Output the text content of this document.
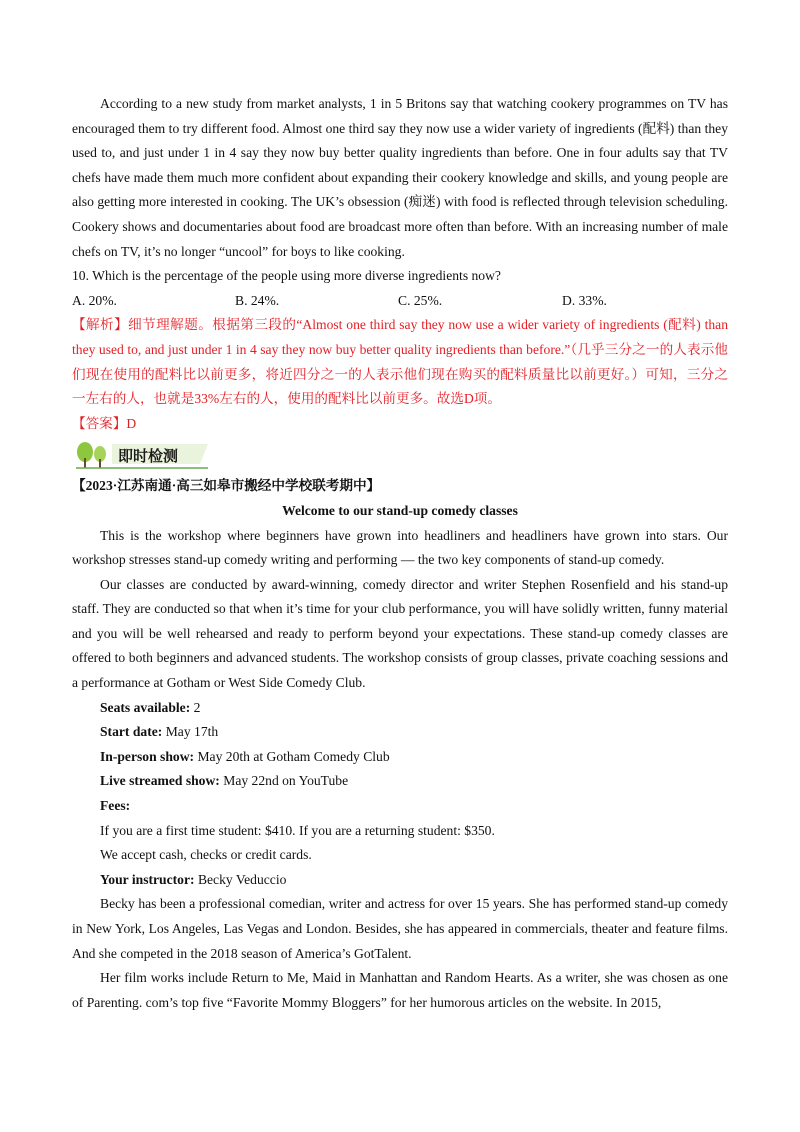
According to a new study from market analysts, 1 in 5 Britons say that watching cookery programmes on TV has encouraged them to try different food. Almost one third say they now use a wider variety of ingredients (配料) than they used to, and just under 1 in 4 say they now buy better quality ingredients than before. One in four adults say that TV chefs have made them much more confident about expanding their cookery knowledge and skills, and young people are also getting more interested in cooking. The UK’s obsession (痴迷) with food is reflected through television scheduling. Cookery shows and documentaries about food are broadcast more often than before. With an increasing number of male chefs on TV, it’s no longer “uncool” for boys to like cooking.

10. Which is the percentage of the people using more diverse ingredients now?
A. 20%.	B. 24%.	C. 25%.	D. 33%.

【解析】细节理解题。根据第三段的“Almost one third say they now use a wider variety of ingredients (配料) than they used to, and just under 1 in 4 say they now buy better quality ingredients than before.”（几乎三分之一的人表示他们现在使用的配料比以前更多，将近四分之一的人表示他们现在购买的配料质量比以前更好。）可知，三分之一左右的人，也就是33%左右的人，使用的配料比以前更多。故选D项。

【答案】D
即时检测
【2023·江苏南通·高三如皋市搬经中学校联考期中】
Welcome to our stand-up comedy classes

This is the workshop where beginners have grown into headliners and headliners have grown into stars. Our workshop stresses stand-up comedy writing and performing — the two key components of stand-up comedy.

Our classes are conducted by award-winning, comedy director and writer Stephen Rosenfield and his stand-up staff. They are conducted so that when it’s time for your club performance, you will have solidly written, funny material and you will be well rehearsed and ready to perform beyond your expectations. These stand-up comedy classes are offered to both beginners and advanced students. The workshop consists of group classes, private coaching sessions and a performance at Gotham or West Side Comedy Club.

Seats available: 2
Start date: May 17th
In-person show: May 20th at Gotham Comedy Club
Live streamed show: May 22nd on YouTube
Fees:
If you are a first time student: $410. If you are a returning student: $350.
We accept cash, checks or credit cards.
Your instructor: Becky Veduccio

Becky has been a professional comedian, writer and actress for over 15 years. She has performed stand-up comedy in New York, Los Angeles, Las Vegas and London. Besides, she has appeared in commercials, theater and feature films. And she competed in the 2018 season of America’s GotTalent.

Her film works include Return to Me, Maid in Manhattan and Random Hearts. As a writer, she was chosen as one of Parenting. com’s top five “Favorite Mommy Bloggers” for her humorous articles on the website. In 2015,
